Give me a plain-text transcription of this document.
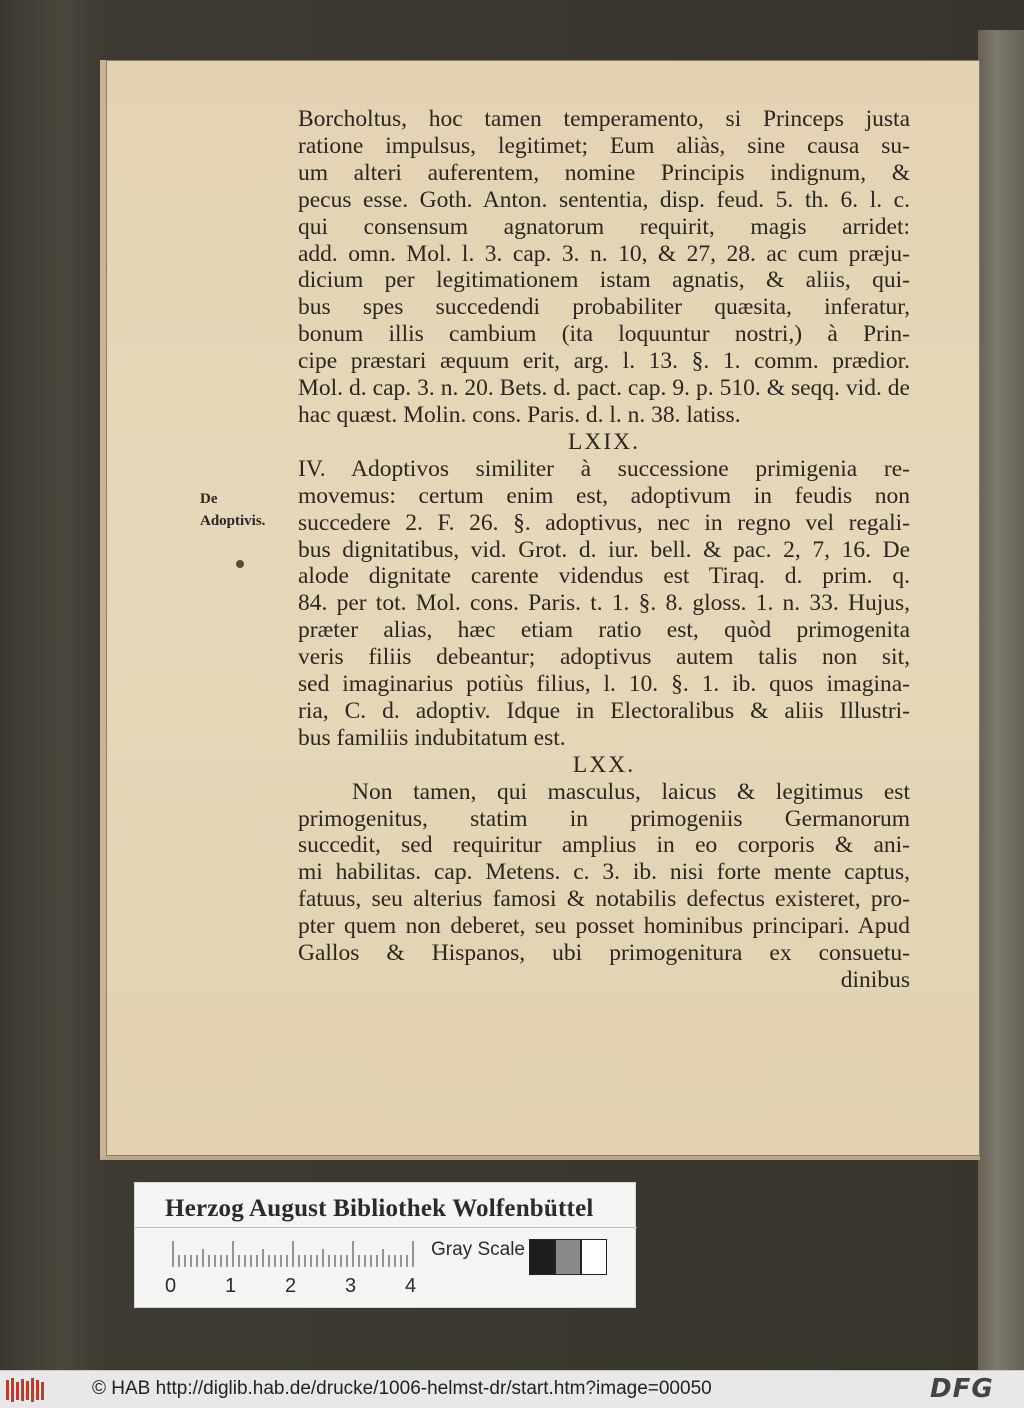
Borcholtus, hoc tamen temperamento, si Princeps justa
ratione impulsus, legitimet; Eum aliàs, sine causa su-
um alteri auferentem, nomine Principis indignum, &
pecus esse. Goth. Anton. sententia, disp. feud. 5. th. 6. l. c.
qui consensum agnatorum requirit, magis arridet:
add. omn. Mol. l. 3. cap. 3. n. 10, & 27, 28. ac cum præju-
dicium per legitimationem istam agnatis, & aliis, qui-
bus spes succedendi probabiliter quæsita, inferatur,
bonum illis cambium (ita loquuntur nostri,) à Prin-
cipe præstari æquum erit, arg. l. 13. §. 1. comm. prædior.
Mol. d. cap. 3. n. 20. Bets. d. pact. cap. 9. p. 510. & seqq. vid. de
hac quæst. Molin. cons. Paris. d. l. n. 38. latiss.
LXIX.
IV. Adoptivos similiter à successione primigenia re-
movemus: certum enim est, adoptivum in feudis non
succedere 2. F. 26. §. adoptivus, nec in regno vel regali-
bus dignitatibus, vid. Grot. d. iur. bell. & pac. 2, 7, 16. De
alode dignitate carente videndus est Tiraq. d. prim. q.
84. per tot. Mol. cons. Paris. t. 1. §. 8. gloss. 1. n. 33. Hujus,
præter alias, hæc etiam ratio est, quòd primogenita
veris filiis debeantur; adoptivus autem talis non sit,
sed imaginarius potiùs filius, l. 10. §. 1. ib. quos imagina-
ria, C. d. adoptiv. Idque in Electoralibus & aliis Illustri-
bus familiis indubitatum est.
LXX.
Non tamen, qui masculus, laicus & legitimus est
primogenitus, statim in primogeniis Germanorum
succedit, sed requiritur amplius in eo corporis & ani-
mi habilitas. cap. Metens. c. 3. ib. nisi forte mente captus,
fatuus, seu alterius famosi & notabilis defectus existeret, pro-
pter quem non deberet, seu posset hominibus principari. Apud
Gallos & Hispanos, ubi primogenitura ex consuetu-
dinibus
De Adoptivis.
Herzog August Bibliothek Wolfenbüttel
Gray Scale
0 1 2 3 4
© HAB http://diglib.hab.de/drucke/1006-helmst-dr/start.htm?image=00050	DFG
